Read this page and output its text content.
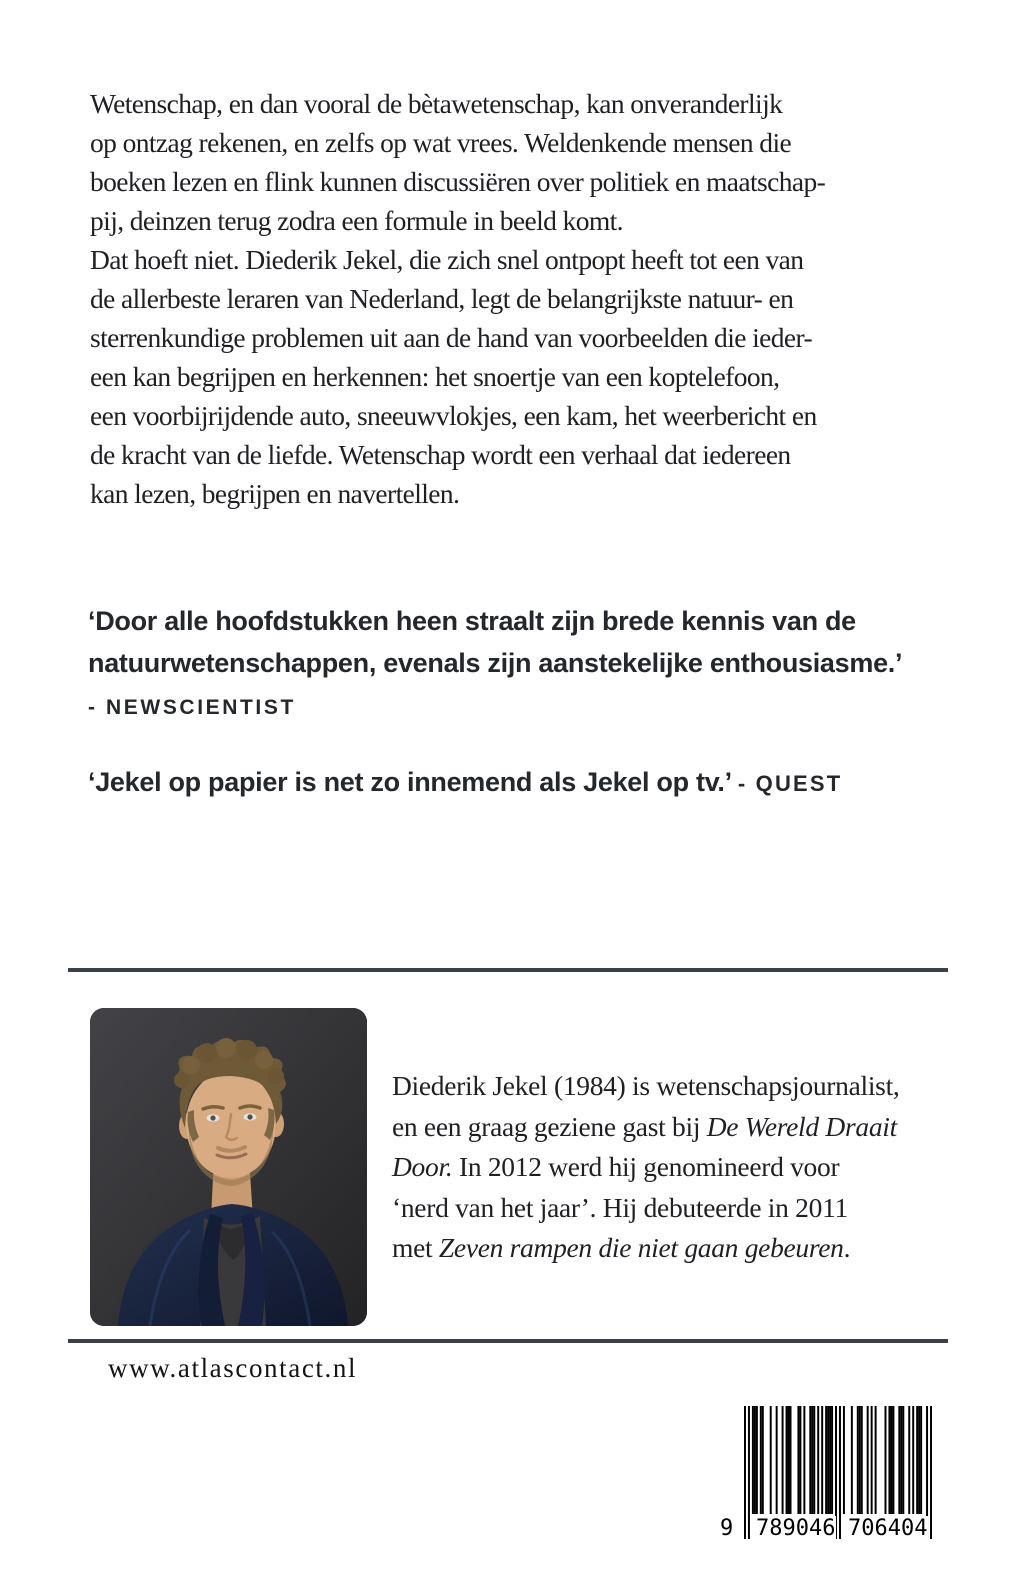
Wetenschap, en dan vooral de bètawetenschap, kan onveranderlijk
op ontzag rekenen, en zelfs op wat vrees. Weldenkende mensen die
boeken lezen en flink kunnen discussiëren over politiek en maatschap-
pij, deinzen terug zodra een formule in beeld komt.
Dat hoeft niet. Diederik Jekel, die zich snel ontpopt heeft tot een van
de allerbeste leraren van Nederland, legt de belangrijkste natuur- en
sterrenkundige problemen uit aan de hand van voorbeelden die ieder-
een kan begrijpen en herkennen: het snoertje van een koptelefoon,
een voorbijrijdende auto, sneeuwvlokjes, een kam, het weerbericht en
de kracht van de liefde. Wetenschap wordt een verhaal dat iedereen
kan lezen, begrijpen en navertellen.
‘Door alle hoofdstukken heen straalt zijn brede kennis van de
natuurwetenschappen, evenals zijn aanstekelijke enthousiasme.’
- NEWSCIENTIST
‘Jekel op papier is net zo innemend als Jekel op tv.’ - QUEST
Diederik Jekel (1984) is wetenschapsjournalist,
en een graag geziene gast bij De Wereld Draait
Door. In 2012 werd hij genomineerd voor
‘nerd van het jaar’. Hij debuteerde in 2011
met Zeven rampen die niet gaan gebeuren.
www.atlascontact.nl
9 789046 706404
